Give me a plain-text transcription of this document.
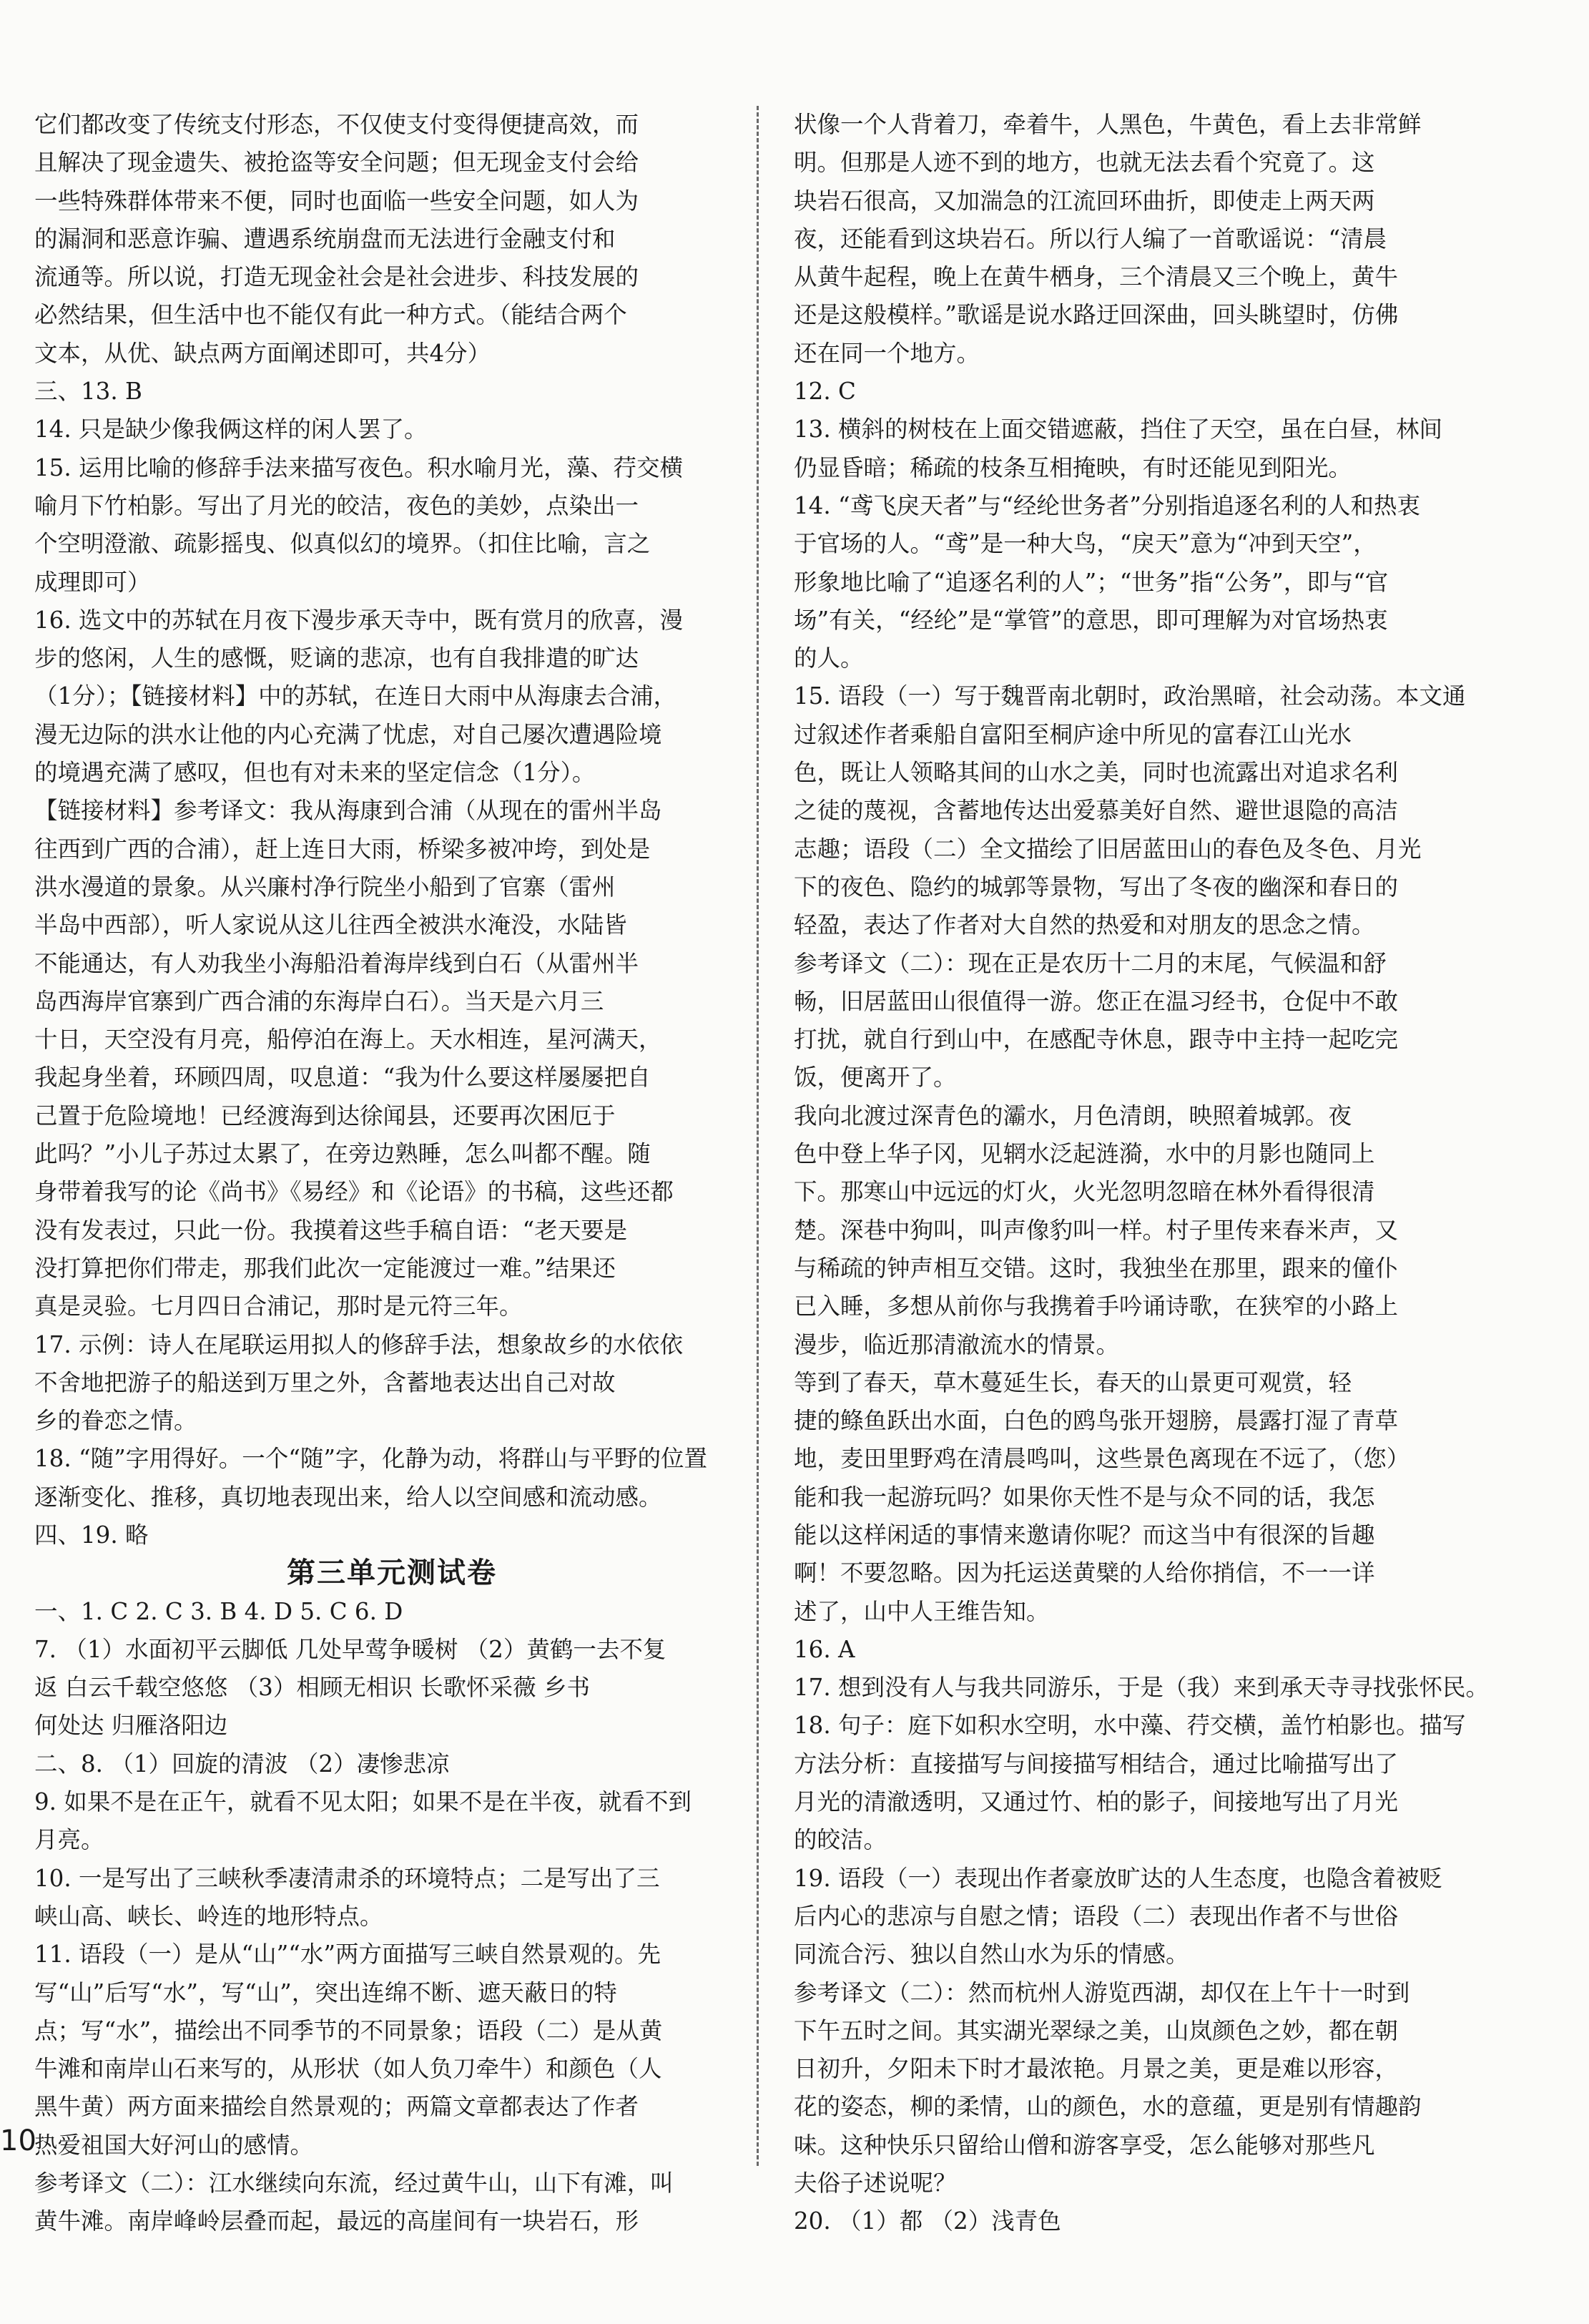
它们都改变了传统支付形态，不仅使支付变得便捷高效，而
且解决了现金遗失、被抢盗等安全问题；但无现金支付会给
一些特殊群体带来不便，同时也面临一些安全问题，如人为
的漏洞和恶意诈骗、遭遇系统崩盘而无法进行金融支付和
流通等。所以说，打造无现金社会是社会进步、科技发展的
必然结果，但生活中也不能仅有此一种方式。（能结合两个
文本，从优、缺点两方面阐述即可，共4分）
三、13. B
14. 只是缺少像我俩这样的闲人罢了。
15. 运用比喻的修辞手法来描写夜色。积水喻月光，藻、荇交横
喻月下竹柏影。写出了月光的皎洁，夜色的美妙，点染出一
个空明澄澈、疏影摇曳、似真似幻的境界。（扣住比喻，言之
成理即可）
16. 选文中的苏轼在月夜下漫步承天寺中，既有赏月的欣喜，漫
步的悠闲，人生的感慨，贬谪的悲凉，也有自我排遣的旷达
（1分）；【链接材料】中的苏轼，在连日大雨中从海康去合浦，
漫无边际的洪水让他的内心充满了忧虑，对自己屡次遭遇险境
的境遇充满了感叹，但也有对未来的坚定信念（1分）。
【链接材料】参考译文：我从海康到合浦（从现在的雷州半岛
往西到广西的合浦），赶上连日大雨，桥梁多被冲垮，到处是
洪水漫道的景象。从兴廉村净行院坐小船到了官寨（雷州
半岛中西部），听人家说从这儿往西全被洪水淹没，水陆皆
不能通达，有人劝我坐小海船沿着海岸线到白石（从雷州半
岛西海岸官寨到广西合浦的东海岸白石）。当天是六月三
十日，天空没有月亮，船停泊在海上。天水相连，星河满天，
我起身坐着，环顾四周，叹息道：“我为什么要这样屡屡把自
己置于危险境地！已经渡海到达徐闻县，还要再次困厄于
此吗？”小儿子苏过太累了，在旁边熟睡，怎么叫都不醒。随
身带着我写的论《尚书》《易经》和《论语》的书稿，这些还都
没有发表过，只此一份。我摸着这些手稿自语：“老天要是
没打算把你们带走，那我们此次一定能渡过一难。”结果还
真是灵验。七月四日合浦记，那时是元符三年。
17. 示例：诗人在尾联运用拟人的修辞手法，想象故乡的水依依
不舍地把游子的船送到万里之外，含蓄地表达出自己对故
乡的眷恋之情。
18. “随”字用得好。一个“随”字，化静为动，将群山与平野的位置
逐渐变化、推移，真切地表现出来，给人以空间感和流动感。
四、19. 略
第三单元测试卷
一、1. C 2. C 3. B 4. D 5. C 6. D
7. （1）水面初平云脚低 几处早莺争暖树 （2）黄鹤一去不复
返 白云千载空悠悠 （3）相顾无相识 长歌怀采薇 乡书
何处达 归雁洛阳边
二、8. （1）回旋的清波 （2）凄惨悲凉
9. 如果不是在正午，就看不见太阳；如果不是在半夜，就看不到
月亮。
10. 一是写出了三峡秋季凄清肃杀的环境特点；二是写出了三
峡山高、峡长、岭连的地形特点。
11. 语段（一）是从“山”“水”两方面描写三峡自然景观的。先
写“山”后写“水”，写“山”，突出连绵不断、遮天蔽日的特
点；写“水”，描绘出不同季节的不同景象；语段（二）是从黄
牛滩和南岸山石来写的，从形状（如人负刀牵牛）和颜色（人
黑牛黄）两方面来描绘自然景观的；两篇文章都表达了作者
热爱祖国大好河山的感情。
参考译文（二）：江水继续向东流，经过黄牛山，山下有滩，叫
黄牛滩。南岸峰岭层叠而起，最远的高崖间有一块岩石，形
状像一个人背着刀，牵着牛，人黑色，牛黄色，看上去非常鲜
明。但那是人迹不到的地方，也就无法去看个究竟了。这
块岩石很高，又加湍急的江流回环曲折，即使走上两天两
夜，还能看到这块岩石。所以行人编了一首歌谣说：“清晨
从黄牛起程，晚上在黄牛栖身，三个清晨又三个晚上，黄牛
还是这般模样。”歌谣是说水路迂回深曲，回头眺望时，仿佛
还在同一个地方。
12. C
13. 横斜的树枝在上面交错遮蔽，挡住了天空，虽在白昼，林间
仍显昏暗；稀疏的枝条互相掩映，有时还能见到阳光。
14. “鸢飞戾天者”与“经纶世务者”分别指追逐名利的人和热衷
于官场的人。“鸢”是一种大鸟，“戾天”意为“冲到天空”，
形象地比喻了“追逐名利的人”；“世务”指“公务”，即与“官
场”有关，“经纶”是“掌管”的意思，即可理解为对官场热衷
的人。
15. 语段（一）写于魏晋南北朝时，政治黑暗，社会动荡。本文通
过叙述作者乘船自富阳至桐庐途中所见的富春江山光水
色，既让人领略其间的山水之美，同时也流露出对追求名利
之徒的蔑视，含蓄地传达出爱慕美好自然、避世退隐的高洁
志趣；语段（二）全文描绘了旧居蓝田山的春色及冬色、月光
下的夜色、隐约的城郭等景物，写出了冬夜的幽深和春日的
轻盈，表达了作者对大自然的热爱和对朋友的思念之情。
参考译文（二）：现在正是农历十二月的末尾，气候温和舒
畅，旧居蓝田山很值得一游。您正在温习经书，仓促中不敢
打扰，就自行到山中，在感配寺休息，跟寺中主持一起吃完
饭，便离开了。
我向北渡过深青色的灞水，月色清朗，映照着城郭。夜
色中登上华子冈，见辋水泛起涟漪，水中的月影也随同上
下。那寒山中远远的灯火，火光忽明忽暗在林外看得很清
楚。深巷中狗叫，叫声像豹叫一样。村子里传来春米声，又
与稀疏的钟声相互交错。这时，我独坐在那里，跟来的僮仆
已入睡，多想从前你与我携着手吟诵诗歌，在狭窄的小路上
漫步，临近那清澈流水的情景。
等到了春天，草木蔓延生长，春天的山景更可观赏，轻
捷的鲦鱼跃出水面，白色的鸥鸟张开翅膀，晨露打湿了青草
地，麦田里野鸡在清晨鸣叫，这些景色离现在不远了，（您）
能和我一起游玩吗？如果你天性不是与众不同的话，我怎
能以这样闲适的事情来邀请你呢？而这当中有很深的旨趣
啊！不要忽略。因为托运送黄檗的人给你捎信，不一一详
述了，山中人王维告知。
16. A
17. 想到没有人与我共同游乐，于是（我）来到承天寺寻找张怀民。
18. 句子：庭下如积水空明，水中藻、荇交横，盖竹柏影也。描写
方法分析：直接描写与间接描写相结合，通过比喻描写出了
月光的清澈透明，又通过竹、柏的影子，间接地写出了月光
的皎洁。
19. 语段（一）表现出作者豪放旷达的人生态度，也隐含着被贬
后内心的悲凉与自慰之情；语段（二）表现出作者不与世俗
同流合污、独以自然山水为乐的情感。
参考译文（二）：然而杭州人游览西湖，却仅在上午十一时到
下午五时之间。其实湖光翠绿之美，山岚颜色之妙，都在朝
日初升，夕阳未下时才最浓艳。月景之美，更是难以形容，
花的姿态，柳的柔情，山的颜色，水的意蕴，更是别有情趣韵
味。这种快乐只留给山僧和游客享受，怎么能够对那些凡
夫俗子述说呢？
20. （1）都 （2）浅青色
10
